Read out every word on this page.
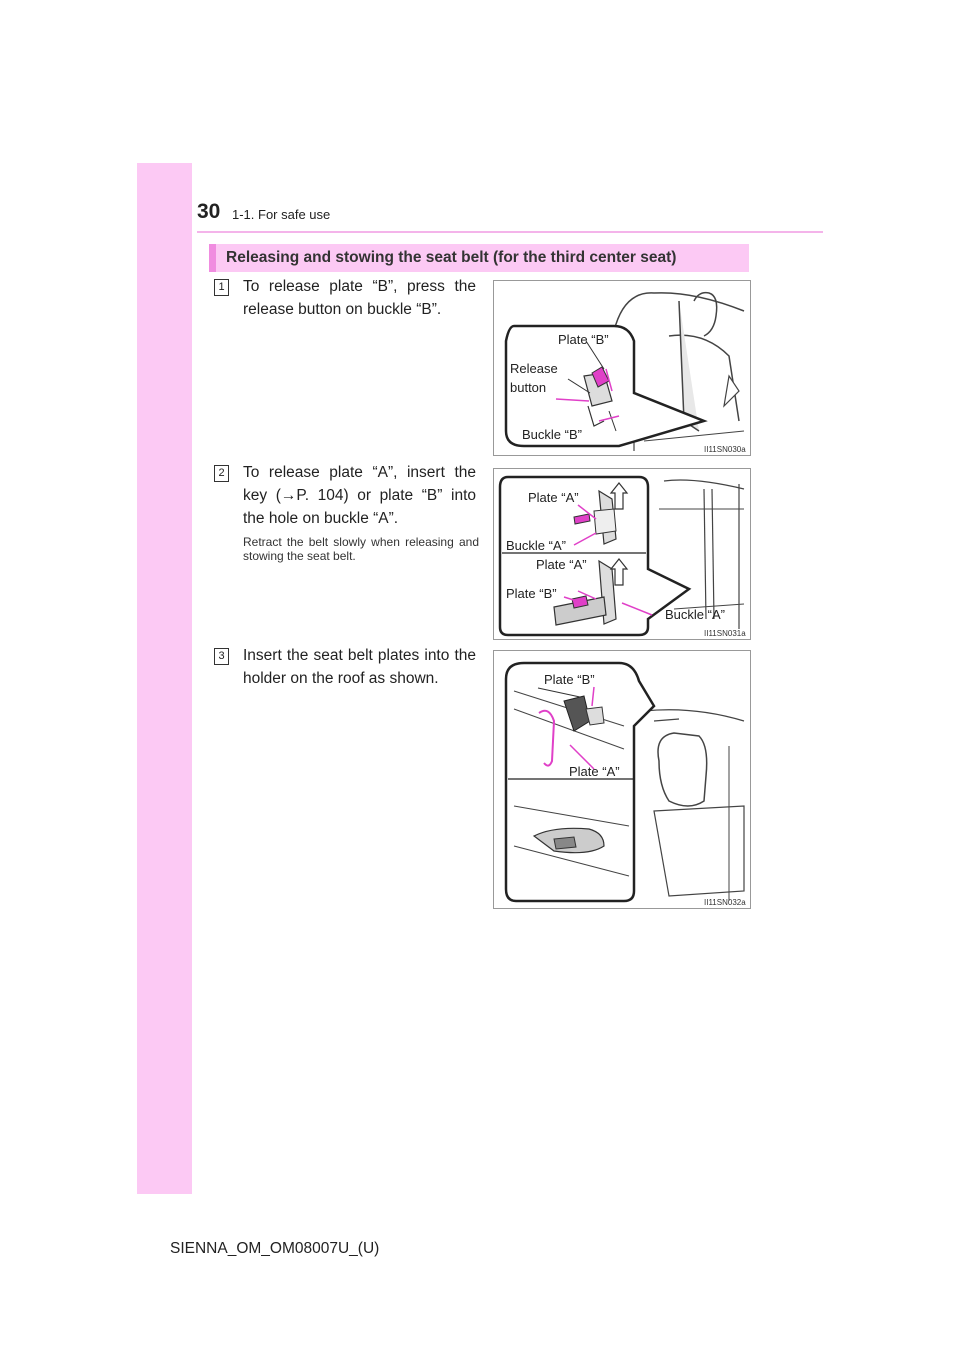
30 1-1. For safe use
Releasing and stowing the seat belt (for the third center seat)
1 To release plate “B”, press the release button on buckle “B”.
Plate “B”
Release
button
Buckle “B”
II11SN030a
2 To release plate “A”, insert the key (→P. 104) or plate “B” into the hole on buckle “A”.
Retract the belt slowly when releasing and stowing the seat belt.
Plate “A”
Buckle “A”
Plate “A”
Plate “B”
Buckle “A”
II11SN031a
3 Insert the seat belt plates into the holder on the roof as shown.	Plate “B”
Plate “A”
II11SN032a
SIENNA_OM_OM08007U_(U)
